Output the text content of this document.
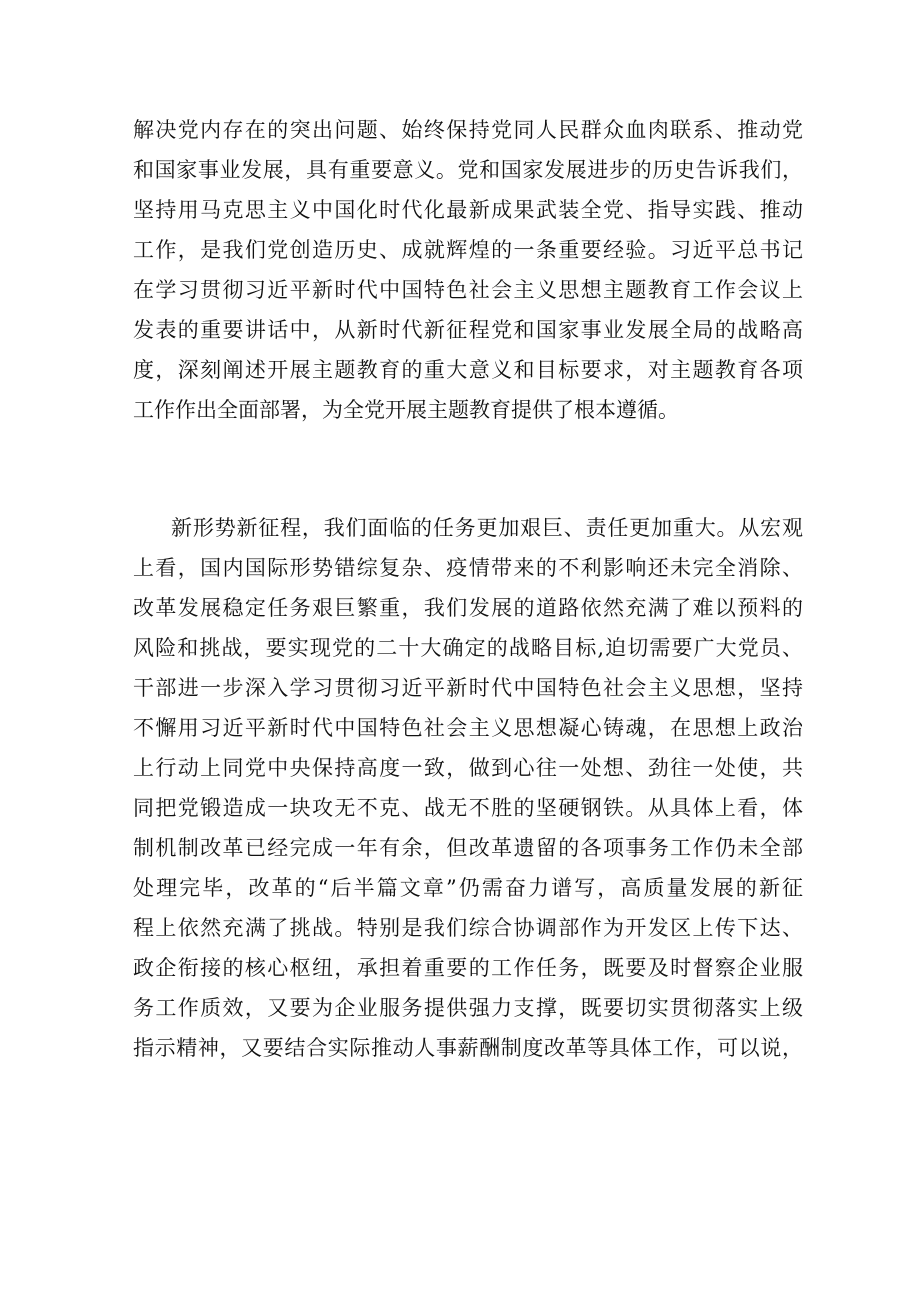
解决党内存在的突出问题、始终保持党同人民群众血肉联系、推动党
和国家事业发展，具有重要意义。党和国家发展进步的历史告诉我们，
坚持用马克思主义中国化时代化最新成果武装全党、指导实践、推动
工作，是我们党创造历史、成就辉煌的一条重要经验。习近平总书记
在学习贯彻习近平新时代中国特色社会主义思想主题教育工作会议上
发表的重要讲话中，从新时代新征程党和国家事业发展全局的战略高
度，深刻阐述开展主题教育的重大意义和目标要求，对主题教育各项
工作作出全面部署，为全党开展主题教育提供了根本遵循。
新形势新征程，我们面临的任务更加艰巨、责任更加重大。从宏观
上看，国内国际形势错综复杂、疫情带来的不利影响还未完全消除、
改革发展稳定任务艰巨繁重，我们发展的道路依然充满了难以预料的
风险和挑战，要实现党的二十大确定的战略目标,迫切需要广大党员、
干部进一步深入学习贯彻习近平新时代中国特色社会主义思想，坚持
不懈用习近平新时代中国特色社会主义思想凝心铸魂，在思想上政治
上行动上同党中央保持高度一致，做到心往一处想、劲往一处使，共
同把党锻造成一块攻无不克、战无不胜的坚硬钢铁。从具体上看，体
制机制改革已经完成一年有余，但改革遗留的各项事务工作仍未全部
处理完毕，改革的“后半篇文章”仍需奋力谱写，高质量发展的新征
程上依然充满了挑战。特别是我们综合协调部作为开发区上传下达、
政企衔接的核心枢纽，承担着重要的工作任务，既要及时督察企业服
务工作质效，又要为企业服务提供强力支撑，既要切实贯彻落实上级
指示精神，又要结合实际推动人事薪酬制度改革等具体工作，可以说，
